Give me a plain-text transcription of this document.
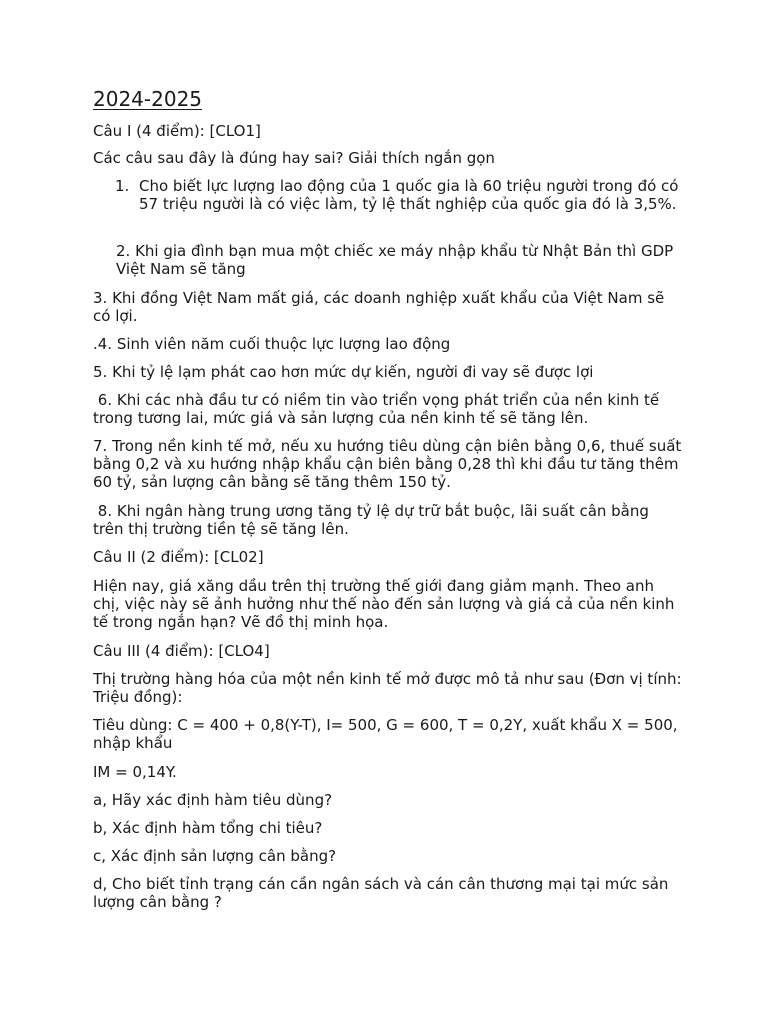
2024-2025

Câu I (4 điểm): [CLO1]

Các câu sau đây là đúng hay sai? Giải thích ngắn gọn

1. Cho biết lực lượng lao động của 1 quốc gia là 60 triệu người trong đó có 57 triệu người là có việc làm, tỷ lệ thất nghiệp của quốc gia đó là 3,5%.

2. Khi gia đình bạn mua một chiếc xe máy nhập khẩu từ Nhật Bản thì GDP Việt Nam sẽ tăng

3. Khi đồng Việt Nam mất giá, các doanh nghiệp xuất khẩu của Việt Nam sẽ có lợi.

.4. Sinh viên năm cuối thuộc lực lượng lao động

5. Khi tỷ lệ lạm phát cao hơn mức dự kiến, người đi vay sẽ được lợi

6. Khi các nhà đầu tư có niềm tin vào triển vọng phát triển của nền kinh tế trong tương lai, mức giá và sản lượng của nền kinh tế sẽ tăng lên.

7. Trong nền kinh tế mở, nếu xu hướng tiêu dùng cận biên bằng 0,6, thuế suất bằng 0,2 và xu hướng nhập khẩu cận biên bằng 0,28 thì khi đầu tư tăng thêm 60 tỷ, sản lượng cân bằng sẽ tăng thêm 150 tỷ.

8. Khi ngân hàng trung ương tăng tỷ lệ dự trữ bắt buộc, lãi suất cân bằng trên thị trường tiền tệ sẽ tăng lên.

Câu II (2 điểm): [CL02]

Hiện nay, giá xăng dầu trên thị trường thế giới đang giảm mạnh. Theo anh chị, việc này sẽ ảnh hưởng như thế nào đến sản lượng và giá cả của nền kinh tế trong ngắn hạn? Vẽ đồ thị minh họa.

Câu III (4 điểm): [CLO4]

Thị trường hàng hóa của một nền kinh tế mở được mô tả như sau (Đơn vị tính: Triệu đồng):

Tiêu dùng: C = 400 + 0,8(Y-T), I= 500, G = 600, T = 0,2Y, xuất khẩu X = 500, nhập khẩu

IM = 0,14Y.

a, Hãy xác định hàm tiêu dùng?

b, Xác định hàm tổng chi tiêu?

c, Xác định sản lượng cân bằng?

d, Cho biết tỉnh trạng cán cần ngân sách và cán cân thương mại tại mức sản lượng cân bằng ?
